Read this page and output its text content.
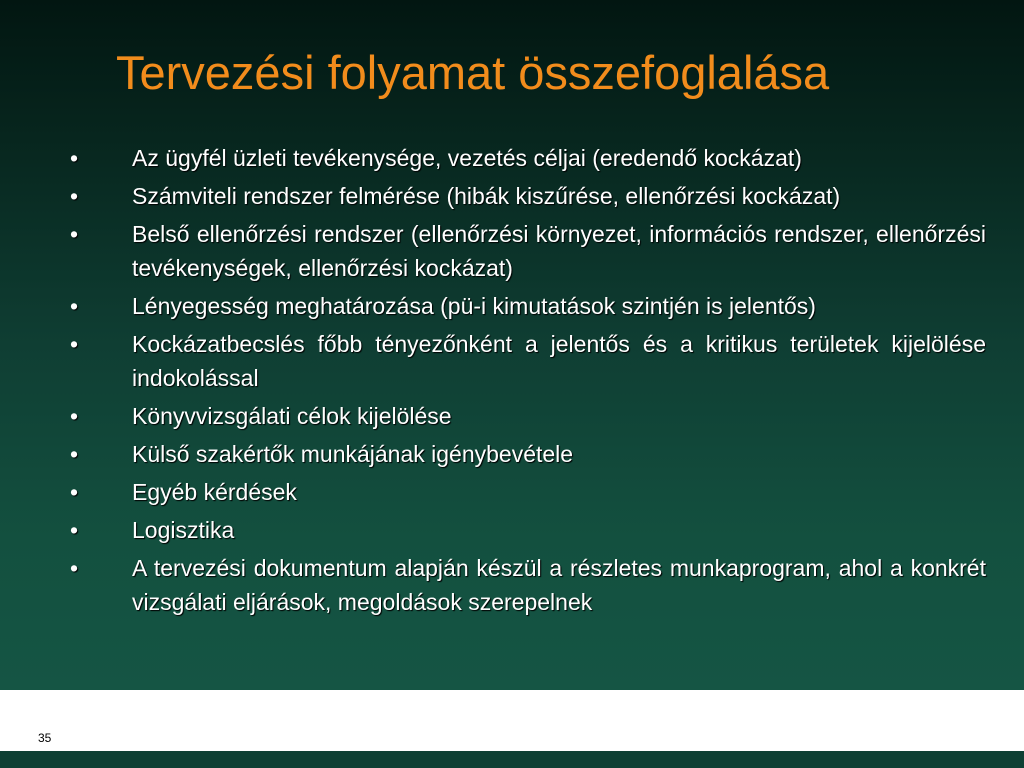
Tervezési folyamat összefoglalása
•	Az ügyfél üzleti tevékenysége, vezetés céljai (eredendő kockázat)
•	Számviteli rendszer felmérése (hibák kiszűrése, ellenőrzési kockázat)
•	Belső ellenőrzési rendszer (ellenőrzési környezet, információs rendszer, ellenőrzési tevékenységek, ellenőrzési kockázat)
•	Lényegesség meghatározása (pü-i kimutatások szintjén is jelentős)
•	Kockázatbecslés főbb tényezőnként a jelentős és a kritikus területek kijelölése indokolással
•	Könyvvizsgálati célok kijelölése
•	Külső szakértők munkájának igénybevétele
•	Egyéb kérdések
•	Logisztika
•	A tervezési dokumentum alapján készül a részletes munkaprogram, ahol a konkrét vizsgálati eljárások, megoldások szerepelnek
35
